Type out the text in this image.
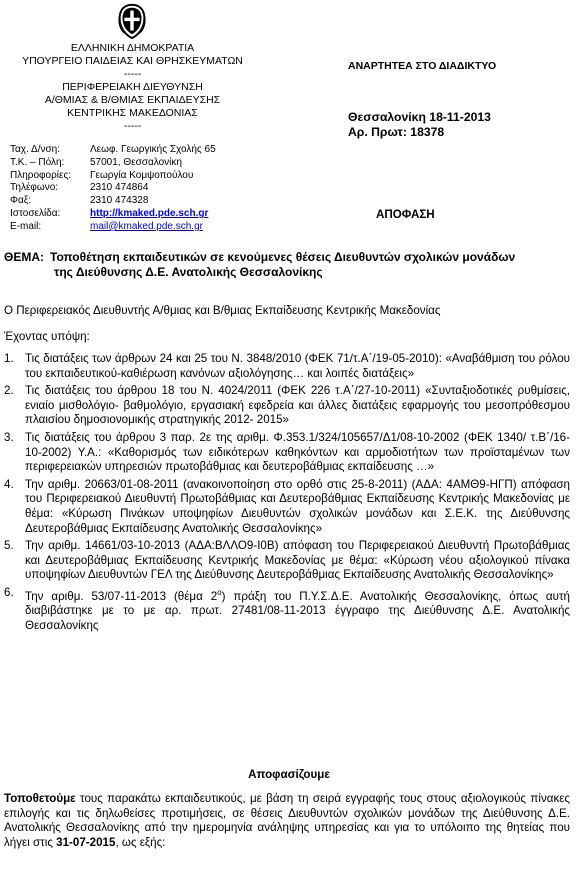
ΕΛΛΗΝΙΚΗ ΔΗΜΟΚΡΑΤΙΑ
ΥΠΟΥΡΓΕΙΟ ΠΑΙΔΕΙΑΣ ΚΑΙ ΘΡΗΣΚΕΥΜΑΤΩΝ
-----
ΠΕΡΙΦΕΡΕΙΑΚΗ ΔΙΕΥΘΥΝΣΗ
Α/ΘΜΙΑΣ & Β/ΘΜΙΑΣ ΕΚΠΑΙΔΕΥΣΗΣ
ΚΕΝΤΡΙΚΗΣ ΜΑΚΕΔΟΝΙΑΣ
-----
ΑΝΑΡΤΗΤΕΑ ΣΤΟ ΔΙΑΔΙΚΤΥΟ
Θεσσαλονίκη 18-11-2013
Αρ. Πρωτ: 18378
ΑΠΟΦΑΣΗ
Ταχ. Δ/νση:	Λεωφ. Γεωργικής Σχολής 65
Τ.Κ. – Πόλη:	57001, Θεσσαλονίκη
Πληροφορίες:	Γεωργία Κομψοπούλου
Τηλέφωνο:	2310 474864
Φαξ:	2310 474328
Ιστοσελίδα:	http://kmaked.pde.sch.gr
E-mail:	mail@kmaked.pde.sch.gr
ΘΕΜΑ: Τοποθέτηση εκπαιδευτικών σε κενούμενες θέσεις Διευθυντών σχολικών μονάδων
της Διεύθυνσης Δ.Ε. Ανατολικής Θεσσαλονίκης
Ο Περιφερειακός Διευθυντής Α/θμιας και Β/θμιας Εκπαίδευσης Κεντρικής Μακεδονίας
Έχοντας υπόψη:
1. Τις διατάξεις των άρθρων 24 και 25 του Ν. 3848/2010 (ΦΕΚ 71/τ.Α΄/19-05-2010): «Αναβάθμιση του ρόλου του εκπαιδευτικού-καθιέρωση κανόνων αξιολόγησης… και λοιπές διατάξεις»
2. Τις διατάξεις του άρθρου 18 του Ν. 4024/2011 (ΦΕΚ 226 τ.Α΄/27-10-2011) «Συνταξιοδοτικές ρυθμίσεις, ενιαίο μισθολόγιο- βαθμολόγιο, εργασιακή εφεδρεία και άλλες διατάξεις εφαρμογής του μεσοπρόθεσμου πλαισίου δημοσιονομικής στρατηγικής 2012- 2015»
3. Τις διατάξεις του άρθρου 3 παρ. 2ε της αριθμ. Φ.353.1/324/105657/Δ1/08-10-2002 (ΦΕΚ 1340/ τ.Β΄/16-10-2002) Υ.Α.: «Καθορισμός των ειδικότερων καθηκόντων και αρμοδιοτήτων των προϊσταμένων των περιφερειακών υπηρεσιών πρωτοβάθμιας και δευτεροβάθμιας εκπαίδευσης …»
4. Την αριθμ. 20663/01-08-2011 (ανακοινοποίηση στο ορθό στις 25-8-2011) (ΑΔΑ: 4ΑΜΘ9-ΗΓΠ) απόφαση του Περιφερειακού Διευθυντή Πρωτοβάθμιας και Δευτεροβάθμιας Εκπαίδευσης Κεντρικής Μακεδονίας με θέμα: «Κύρωση Πινάκων υποψηφίων Διευθυντών σχολικών μονάδων και Σ.Ε.Κ. της Διεύθυνσης Δευτεροβάθμιας Εκπαίδευσης Ανατολικής Θεσσαλονίκης»
5. Την αριθμ. 14661/03-10-2013 (ΑΔΑ:ΒΛΛΟ9-Ι0Β) απόφαση του Περιφερειακού Διευθυντή Πρωτοβάθμιας και Δευτεροβάθμιας Εκπαίδευσης Κεντρικής Μακεδονίας με θέμα: «Κύρωση νέου αξιολογικού πίνακα υποψηφίων Διευθυντών ΓΕΛ της Διεύθυνσης Δευτεροβάθμιας Εκπαίδευσης Ανατολικής Θεσσαλονίκης»
6. Την αριθμ. 53/07-11-2013 (θέμα $2^o$) πράξη του Π.Υ.Σ.Δ.Ε. Ανατολικής Θεσσαλονίκης, όπως αυτή διαβιβάστηκε με το με αρ. πρωτ. 27481/08-11-2013 έγγραφο της Διεύθυνσης Δ.Ε. Ανατολικής Θεσσαλονίκης
Αποφασίζουμε
Τοποθετούμε τους παρακάτω εκπαιδευτικούς, με βάση τη σειρά εγγραφής τους στους αξιολογικούς πίνακες επιλογής και τις δηλωθείσες προτιμήσεις, σε θέσεις Διευθυντών σχολικών μονάδων της Διεύθυνσης Δ.Ε. Ανατολικής Θεσσαλονίκης από την ημερομηνία ανάληψης υπηρεσίας και για το υπόλοιπο της θητείας που λήγει στις 31-07-2015, ως εξής:
